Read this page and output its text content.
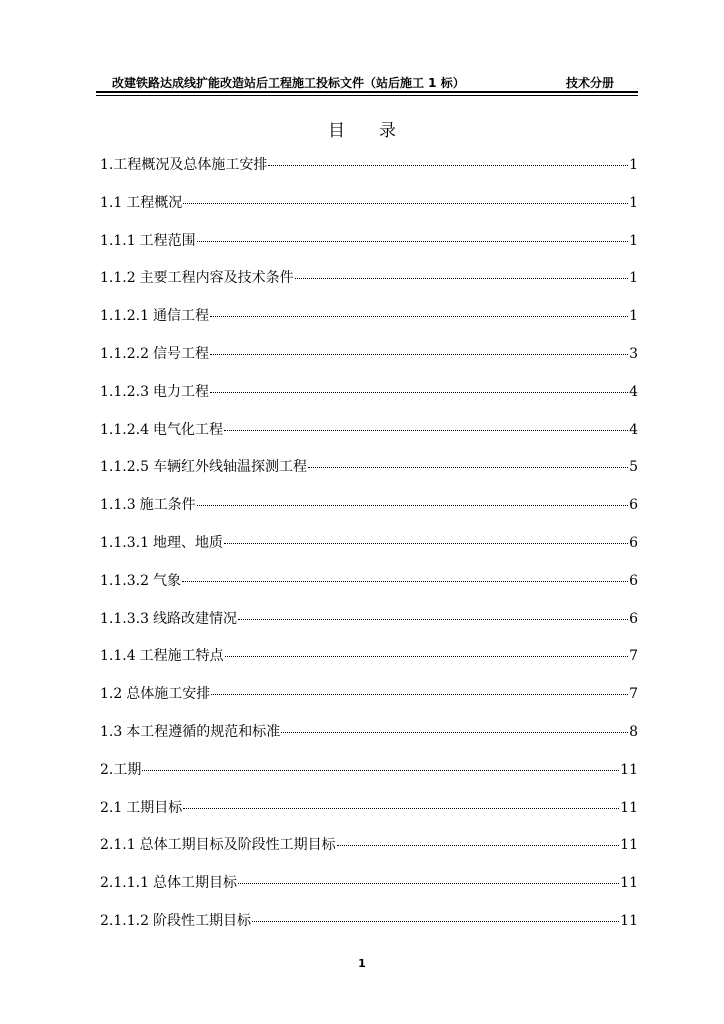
改建铁路达成线扩能改造站后工程施工投标文件（站后施工 1 标）	技术分册
目　　录
1. 工程概况及总体施工安排	1
1.1 工程概况	1
1.1.1 工程范围	1
1.1.2 主要工程内容及技术条件	1
1.1.2.1 通信工程	1
1.1.2.2 信号工程	3
1.1.2.3 电力工程	4
1.1.2.4 电气化工程	4
1.1.2.5 车辆红外线轴温探测工程	5
1.1.3 施工条件	6
1.1.3.1 地理、地质	6
1.1.3.2 气象	6
1.1.3.3 线路改建情况	6
1.1.4 工程施工特点	7
1.2 总体施工安排	7
1.3 本工程遵循的规范和标准	8
2. 工期	11
2.1 工期目标	11
2.1.1 总体工期目标及阶段性工期目标	11
2.1.1.1 总体工期目标	11
2.1.1.2 阶段性工期目标	11
1
